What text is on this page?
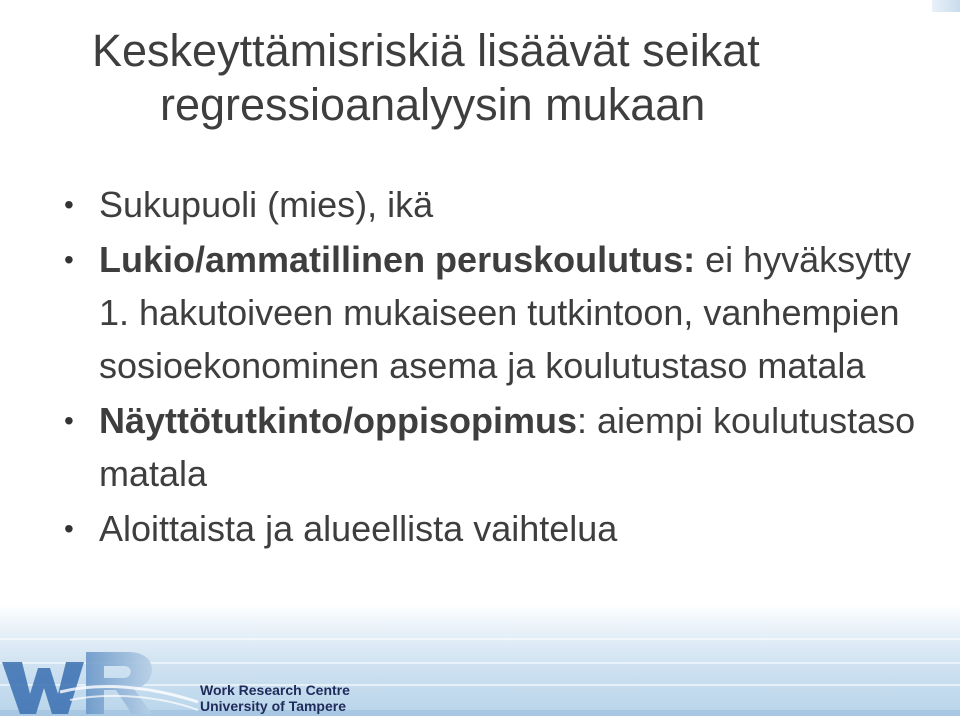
Keskeyttämisriskiä lisäävät seikat
regressioanalyysin mukaan
• Sukupuoli (mies), ikä
• Lukio/ammatillinen peruskoulutus: ei hyväksytty 1. hakutoiveen mukaiseen tutkintoon, vanhempien sosioekonominen asema ja koulutustaso matala
• Näyttötutkinto/oppisopimus: aiempi koulutustaso matala
• Aloittaista ja alueellista vaihtelua
Work Research Centre
University of Tampere
